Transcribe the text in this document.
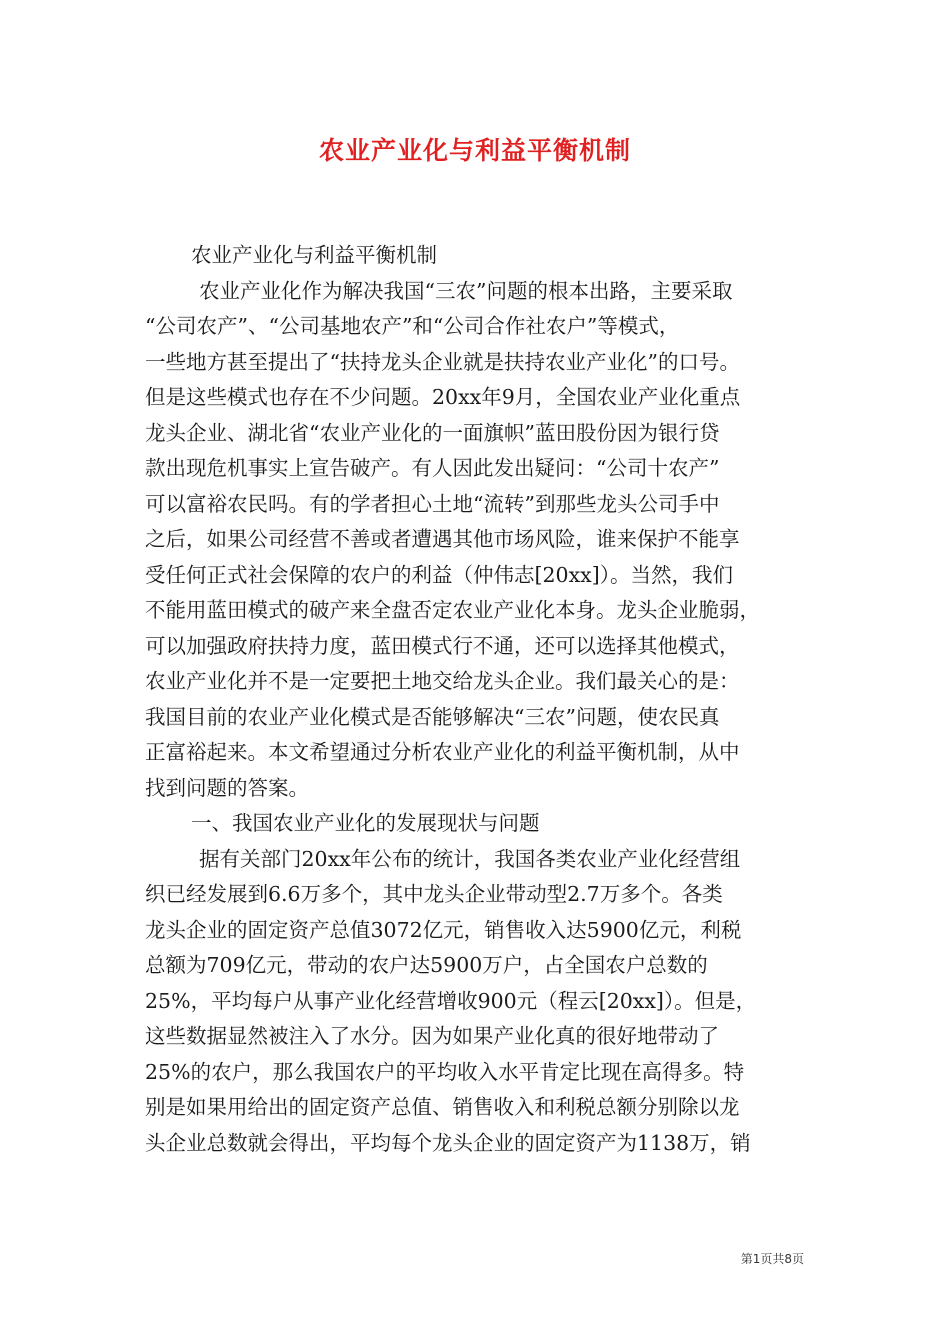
农业产业化与利益平衡机制
农业产业化与利益平衡机制
农业产业化作为解决我国“三农”问题的根本出路，主要采取
“公司农产”、“公司基地农产”和“公司合作社农户”等模式，
一些地方甚至提出了“扶持龙头企业就是扶持农业产业化”的口号。
但是这些模式也存在不少问题。20xx年9月，全国农业产业化重点
龙头企业、湖北省“农业产业化的一面旗帜”蓝田股份因为银行贷
款出现危机事实上宣告破产。有人因此发出疑问：“公司十农产”
可以富裕农民吗。有的学者担心土地“流转”到那些龙头公司手中
之后，如果公司经营不善或者遭遇其他市场风险，谁来保护不能享
受任何正式社会保障的农户的利益（仲伟志[20xx]）。当然，我们
不能用蓝田模式的破产来全盘否定农业产业化本身。龙头企业脆弱，
可以加强政府扶持力度，蓝田模式行不通，还可以选择其他模式，
农业产业化并不是一定要把土地交给龙头企业。我们最关心的是：
我国目前的农业产业化模式是否能够解决“三农”问题，使农民真
正富裕起来。本文希望通过分析农业产业化的利益平衡机制，从中
找到问题的答案。
一、我国农业产业化的发展现状与问题
据有关部门20xx年公布的统计，我国各类农业产业化经营组
织已经发展到6.6万多个，其中龙头企业带动型2.7万多个。各类
龙头企业的固定资产总值3072亿元，销售收入达5900亿元，利税
总额为709亿元，带动的农户达5900万户，占全国农户总数的
25%，平均每户从事产业化经营增收900元（程云[20xx]）。但是，
这些数据显然被注入了水分。因为如果产业化真的很好地带动了
25%的农户，那么我国农户的平均收入水平肯定比现在高得多。特
别是如果用给出的固定资产总值、销售收入和利税总额分别除以龙
头企业总数就会得出，平均每个龙头企业的固定资产为1138万，销
第1页共8页
